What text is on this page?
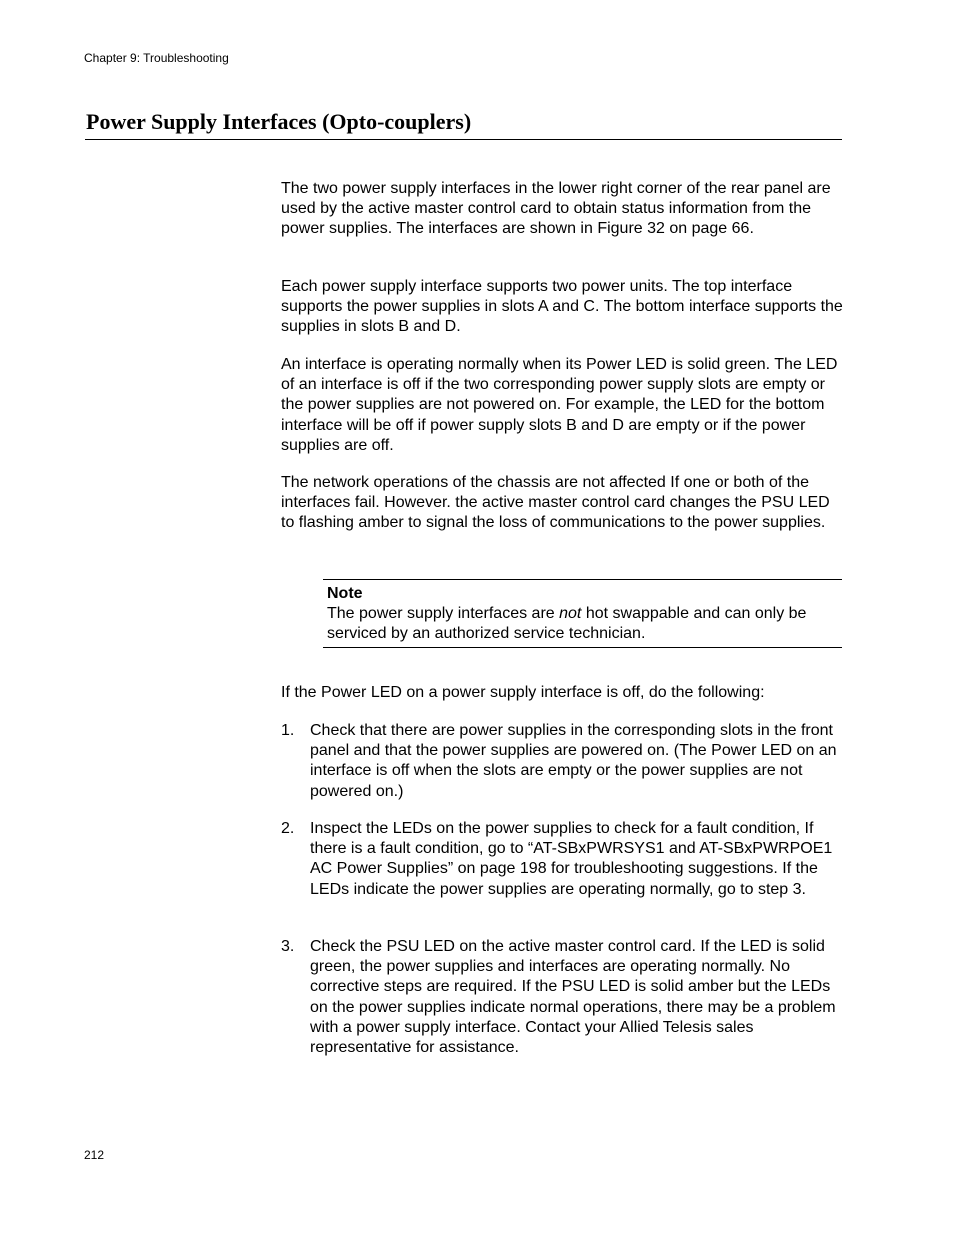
Chapter 9: Troubleshooting
Power Supply Interfaces (Opto-couplers)

The two power supply interfaces in the lower right corner of the rear panel are used by the active master control card to obtain status information from the power supplies. The interfaces are shown in Figure 32 on page 66.

Each power supply interface supports two power units. The top interface supports the power supplies in slots A and C. The bottom interface supports the supplies in slots B and D.

An interface is operating normally when its Power LED is solid green. The LED of an interface is off if the two corresponding power supply slots are empty or the power supplies are not powered on. For example, the LED for the bottom interface will be off if power supply slots B and D are empty or if the power supplies are off.

The network operations of the chassis are not affected If one or both of the interfaces fail. However. the active master control card changes the PSU LED to flashing amber to signal the loss of communications to the power supplies.

Note
The power supply interfaces are not hot swappable and can only be serviced by an authorized service technician.

If the Power LED on a power supply interface is off, do the following:

1. Check that there are power supplies in the corresponding slots in the front panel and that the power supplies are powered on. (The Power LED on an interface is off when the slots are empty or the power supplies are not powered on.)
2. Inspect the LEDs on the power supplies to check for a fault condition, If there is a fault condition, go to “AT-SBxPWRSYS1 and AT-SBxPWRPOE1 AC Power Supplies” on page 198 for troubleshooting suggestions. If the LEDs indicate the power supplies are operating normally, go to step 3.
3. Check the PSU LED on the active master control card. If the LED is solid green, the power supplies and interfaces are operating normally. No corrective steps are required. If the PSU LED is solid amber but the LEDs on the power supplies indicate normal operations, there may be a problem with a power supply interface. Contact your Allied Telesis sales representative for assistance.
212
